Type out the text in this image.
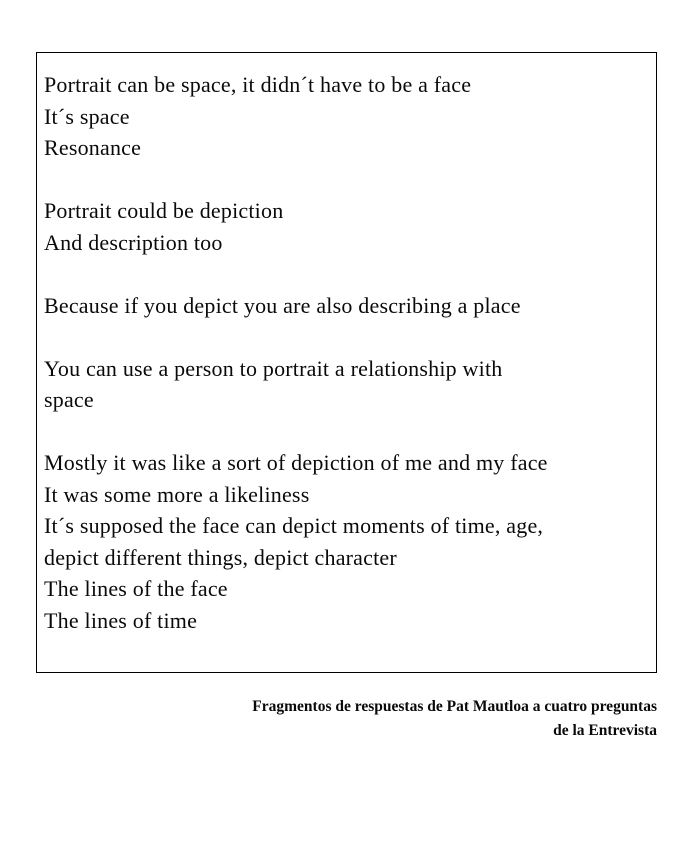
Portrait can be space, it didn´t have to be a face
It´s space
Resonance
Portrait could be depiction
And description too
Because if you depict you are also describing a place
You can use a person to portrait a relationship with
space
Mostly it was like a sort of depiction of me and my face
It was some more a likeliness
It´s supposed the face can depict moments of time, age,
depict different things, depict character
The lines of the face
The lines of time
Fragmentos de respuestas de Pat Mautloa a cuatro preguntas
de la Entrevista
